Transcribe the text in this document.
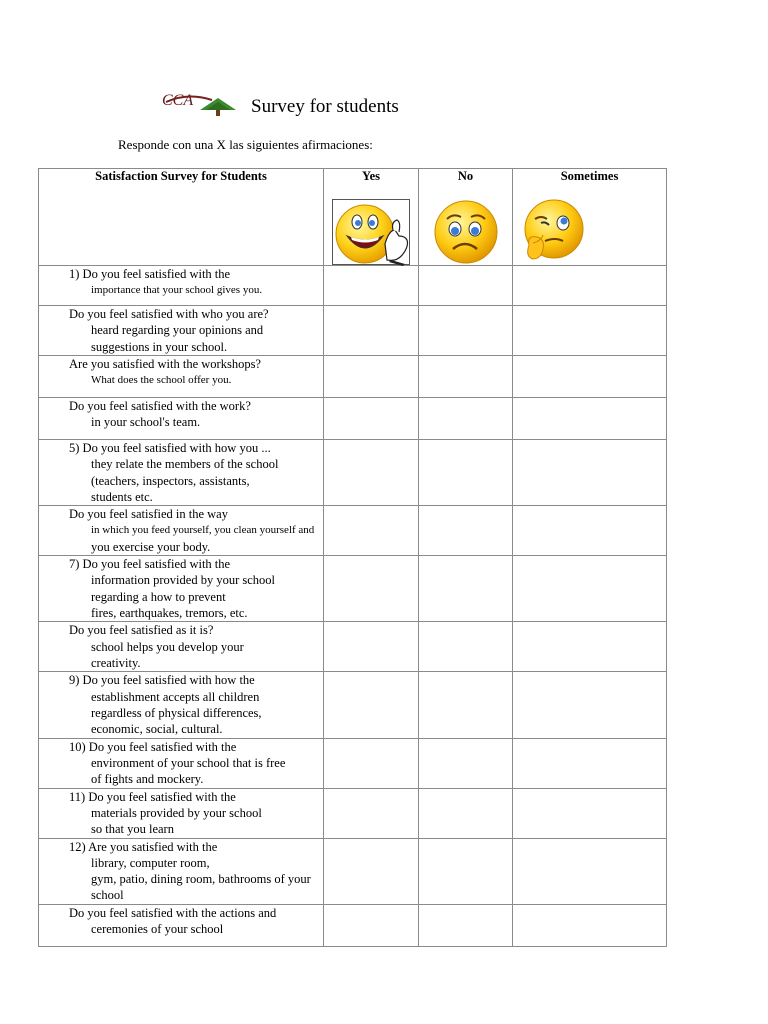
CCA	Survey for students
Responde con una X las siguientes afirmaciones:
Satisfaction Survey for Students	Yes	No	Sometimes

1) Do you feel satisfied with the
importance that your school gives you.			

Do you feel satisfied with who you are?
heard regarding your opinions and
suggestions in your school.			

Are you satisfied with the workshops?
What does the school offer you.			

Do you feel satisfied with the work?
in your school's team.			

5) Do you feel satisfied with how you ...
they relate the members of the school
(teachers, inspectors, assistants,
students etc.			

Do you feel satisfied in the way
in which you feed yourself, you clean yourself and
you exercise your body.			

7) Do you feel satisfied with the
information provided by your school
regarding a how to prevent
fires, earthquakes, tremors, etc.			

Do you feel satisfied as it is?
school helps you develop your
creativity.			

9) Do you feel satisfied with how the
establishment accepts all children
regardless of physical differences,
economic, social, cultural.			

10) Do you feel satisfied with the
environment of your school that is free
of fights and mockery.			

11) Do you feel satisfied with the
materials provided by your school
so that you learn			

12) Are you satisfied with the
library, computer room,
gym, patio, dining room, bathrooms of your
school			

Do you feel satisfied with the actions and
ceremonies of your school			
